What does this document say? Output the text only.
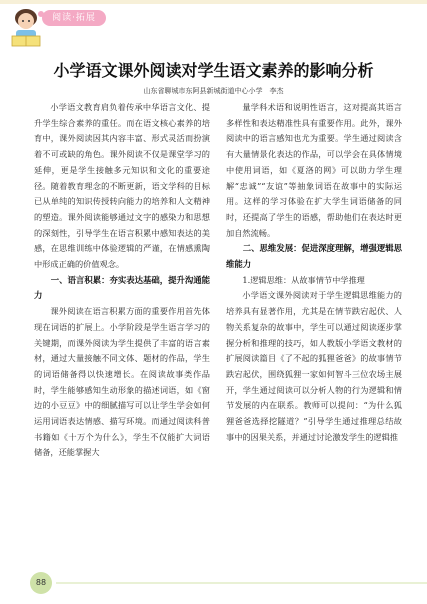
阅读·拓展
小学语文课外阅读对学生语文素养的影响分析
山东省聊城市东阿县新城街道中心小学　李杰

小学语文教育肩负着传承中华语言文化、提升学生综合素养的重任。而在语文核心素养的培育中，课外阅读因其内容丰富、形式灵活而扮演着不可或缺的角色。课外阅读不仅是课堂学习的延伸，更是学生接触多元知识和文化的重要途径。随着教育理念的不断更新，语文学科的目标已从单纯的知识传授转向能力的培养和人文精神的塑造。课外阅读能够通过文字的感染力和思想的深刻性，引导学生在语言积累中感知表达的美感，在思维训练中体验逻辑的严谨，在情感熏陶中形成正确的价值观念。

一、语言积累：夯实表达基础，提升沟通能力

课外阅读在语言积累方面的重要作用首先体现在词语的扩展上。小学阶段是学生语言学习的关键期，而课外阅读为学生提供了丰富的语言素材，通过大量接触不同文体、题材的作品，学生的词语储备得以快速增长。在阅读故事类作品时，学生能够感知生动形象的描述词语，如《窗边的小豆豆》中的细腻描写可以让学生学会如何运用词语表达情感、描写环境。而通过阅读科普书籍如《十万个为什么》，学生不仅能扩大词语储备，还能掌握大

量学科术语和说明性语言，这对提高其语言多样性和表达精准性具有重要作用。此外，课外阅读中的语言感知也尤为重要。学生通过阅读含有大量情景化表达的作品，可以学会在具体情境中使用词语，如《夏洛的网》可以助力学生理解“忠诚”“友谊”等抽象词语在故事中的实际运用。这样的学习体验在扩大学生词语储备的同时，还提高了学生的语感，帮助他们在表达时更加自然流畅。

二、思维发展：促进深度理解，增强逻辑思维能力

1.逻辑思维：从故事情节中学推理

小学语文课外阅读对于学生逻辑思维能力的培养具有显著作用，尤其是在情节跌宕起伏、人物关系复杂的故事中，学生可以通过阅读逐步掌握分析和推理的技巧，如人教版小学语文教材的扩展阅读篇目《了不起的狐狸爸爸》的故事情节跌宕起伏，围绕狐狸一家如何智斗三位农场主展开，学生通过阅读可以分析人物的行为逻辑和情节发展的内在联系。教师可以提问：“为什么狐狸爸爸选择挖隧道？”引导学生通过推理总结故事中的因果关系，并通过讨论激发学生的逻辑推

88
